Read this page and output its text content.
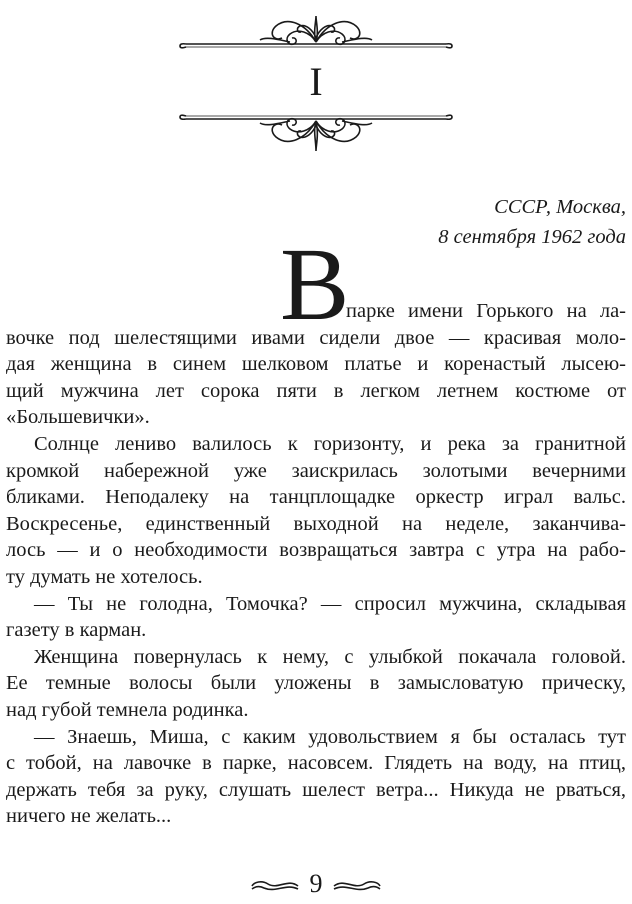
I
СССР, Москва,
8 сентября 1962 года
В
парке имени Горького на ла-
вочке под шелестящими ивами сидели двое — красивая моло-
дая женщина в синем шелковом платье и коренастый лысею-
щий мужчина лет сорока пяти в легком летнем костюме от
«Большевички».
Солнце лениво валилось к горизонту, и река за гранитной
кромкой набережной уже заискрилась золотыми вечерними
бликами. Неподалеку на танцплощадке оркестр играл вальс.
Воскресенье, единственный выходной на неделе, заканчива-
лось — и о необходимости возвращаться завтра с утра на рабо-
ту думать не хотелось.
— Ты не голодна, Томочка? — спросил мужчина, складывая
газету в карман.
Женщина повернулась к нему, с улыбкой покачала головой.
Ее темные волосы были уложены в замысловатую прическу,
над губой темнела родинка.
— Знаешь, Миша, с каким удовольствием я бы осталась тут
с тобой, на лавочке в парке, насовсем. Глядеть на воду, на птиц,
держать тебя за руку, слушать шелест ветра... Никуда не рваться,
ничего не желать...
9
